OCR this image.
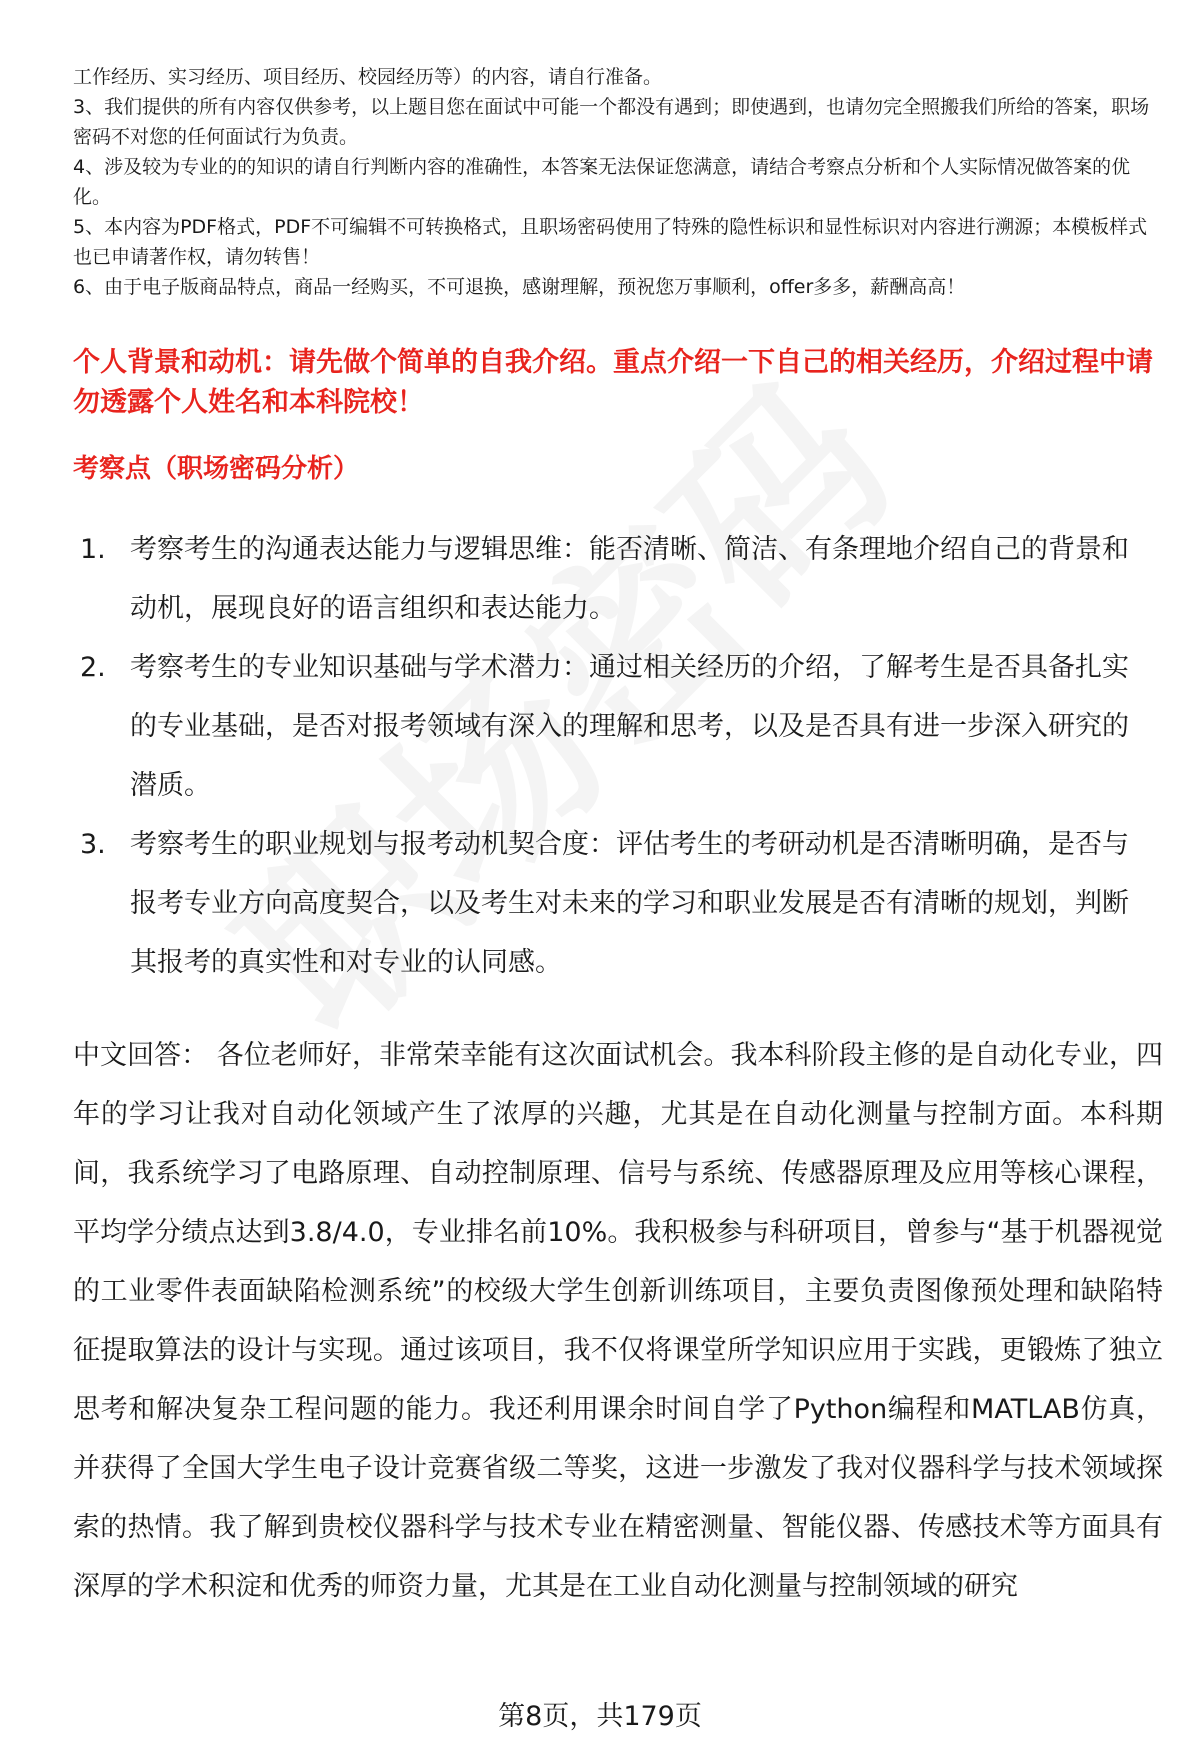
工作经历、实习经历、项目经历、校园经历等）的内容，请自行准备。

3、我们提供的所有内容仅供参考，以上题目您在面试中可能一个都没有遇到；即使遇到，也请勿完全照搬我们所给的答案，职场密码不对您的任何面试行为负责。

4、涉及较为专业的的知识的请自行判断内容的准确性，本答案无法保证您满意，请结合考察点分析和个人实际情况做答案的优化。

5、本内容为PDF格式，PDF不可编辑不可转换格式，且职场密码使用了特殊的隐性标识和显性标识对内容进行溯源；本模板样式也已申请著作权，请勿转售！

6、由于电子版商品特点，商品一经购买，不可退换，感谢理解，预祝您万事顺利，offer多多，薪酬高高！

个人背景和动机：请先做个简单的自我介绍。重点介绍一下自己的相关经历，介绍过程中请勿透露个人姓名和本科院校！
考察点（职场密码分析）
1. 考察考生的沟通表达能力与逻辑思维：能否清晰、简洁、有条理地介绍自己的背景和动机，展现良好的语言组织和表达能力。
2. 考察考生的专业知识基础与学术潜力：通过相关经历的介绍，了解考生是否具备扎实的专业基础，是否对报考领域有深入的理解和思考，以及是否具有进一步深入研究的潜质。
3. 考察考生的职业规划与报考动机契合度：评估考生的考研动机是否清晰明确，是否与报考专业方向高度契合，以及考生对未来的学习和职业发展是否有清晰的规划，判断其报考的真实性和对专业的认同感。

中文回答： 各位老师好，非常荣幸能有这次面试机会。我本科阶段主修的是自动化专业，四年的学习让我对自动化领域产生了浓厚的兴趣，尤其是在自动化测量与控制方面。本科期间，我系统学习了电路原理、自动控制原理、信号与系统、传感器原理及应用等核心课程，平均学分绩点达到3.8/4.0，专业排名前10%。我积极参与科研项目，曾参与“基于机器视觉的工业零件表面缺陷检测系统”的校级大学生创新训练项目，主要负责图像预处理和缺陷特征提取算法的设计与实现。通过该项目，我不仅将课堂所学知识应用于实践，更锻炼了独立思考和解决复杂工程问题的能力。我还利用课余时间自学了Python编程和MATLAB仿真，并获得了全国大学生电子设计竞赛省级二等奖，这进一步激发了我对仪器科学与技术领域探索的热情。我了解到贵校仪器科学与技术专业在精密测量、智能仪器、传感技术等方面具有深厚的学术积淀和优秀的师资力量，尤其是在工业自动化测量与控制领域的研究

第8页，共179页
